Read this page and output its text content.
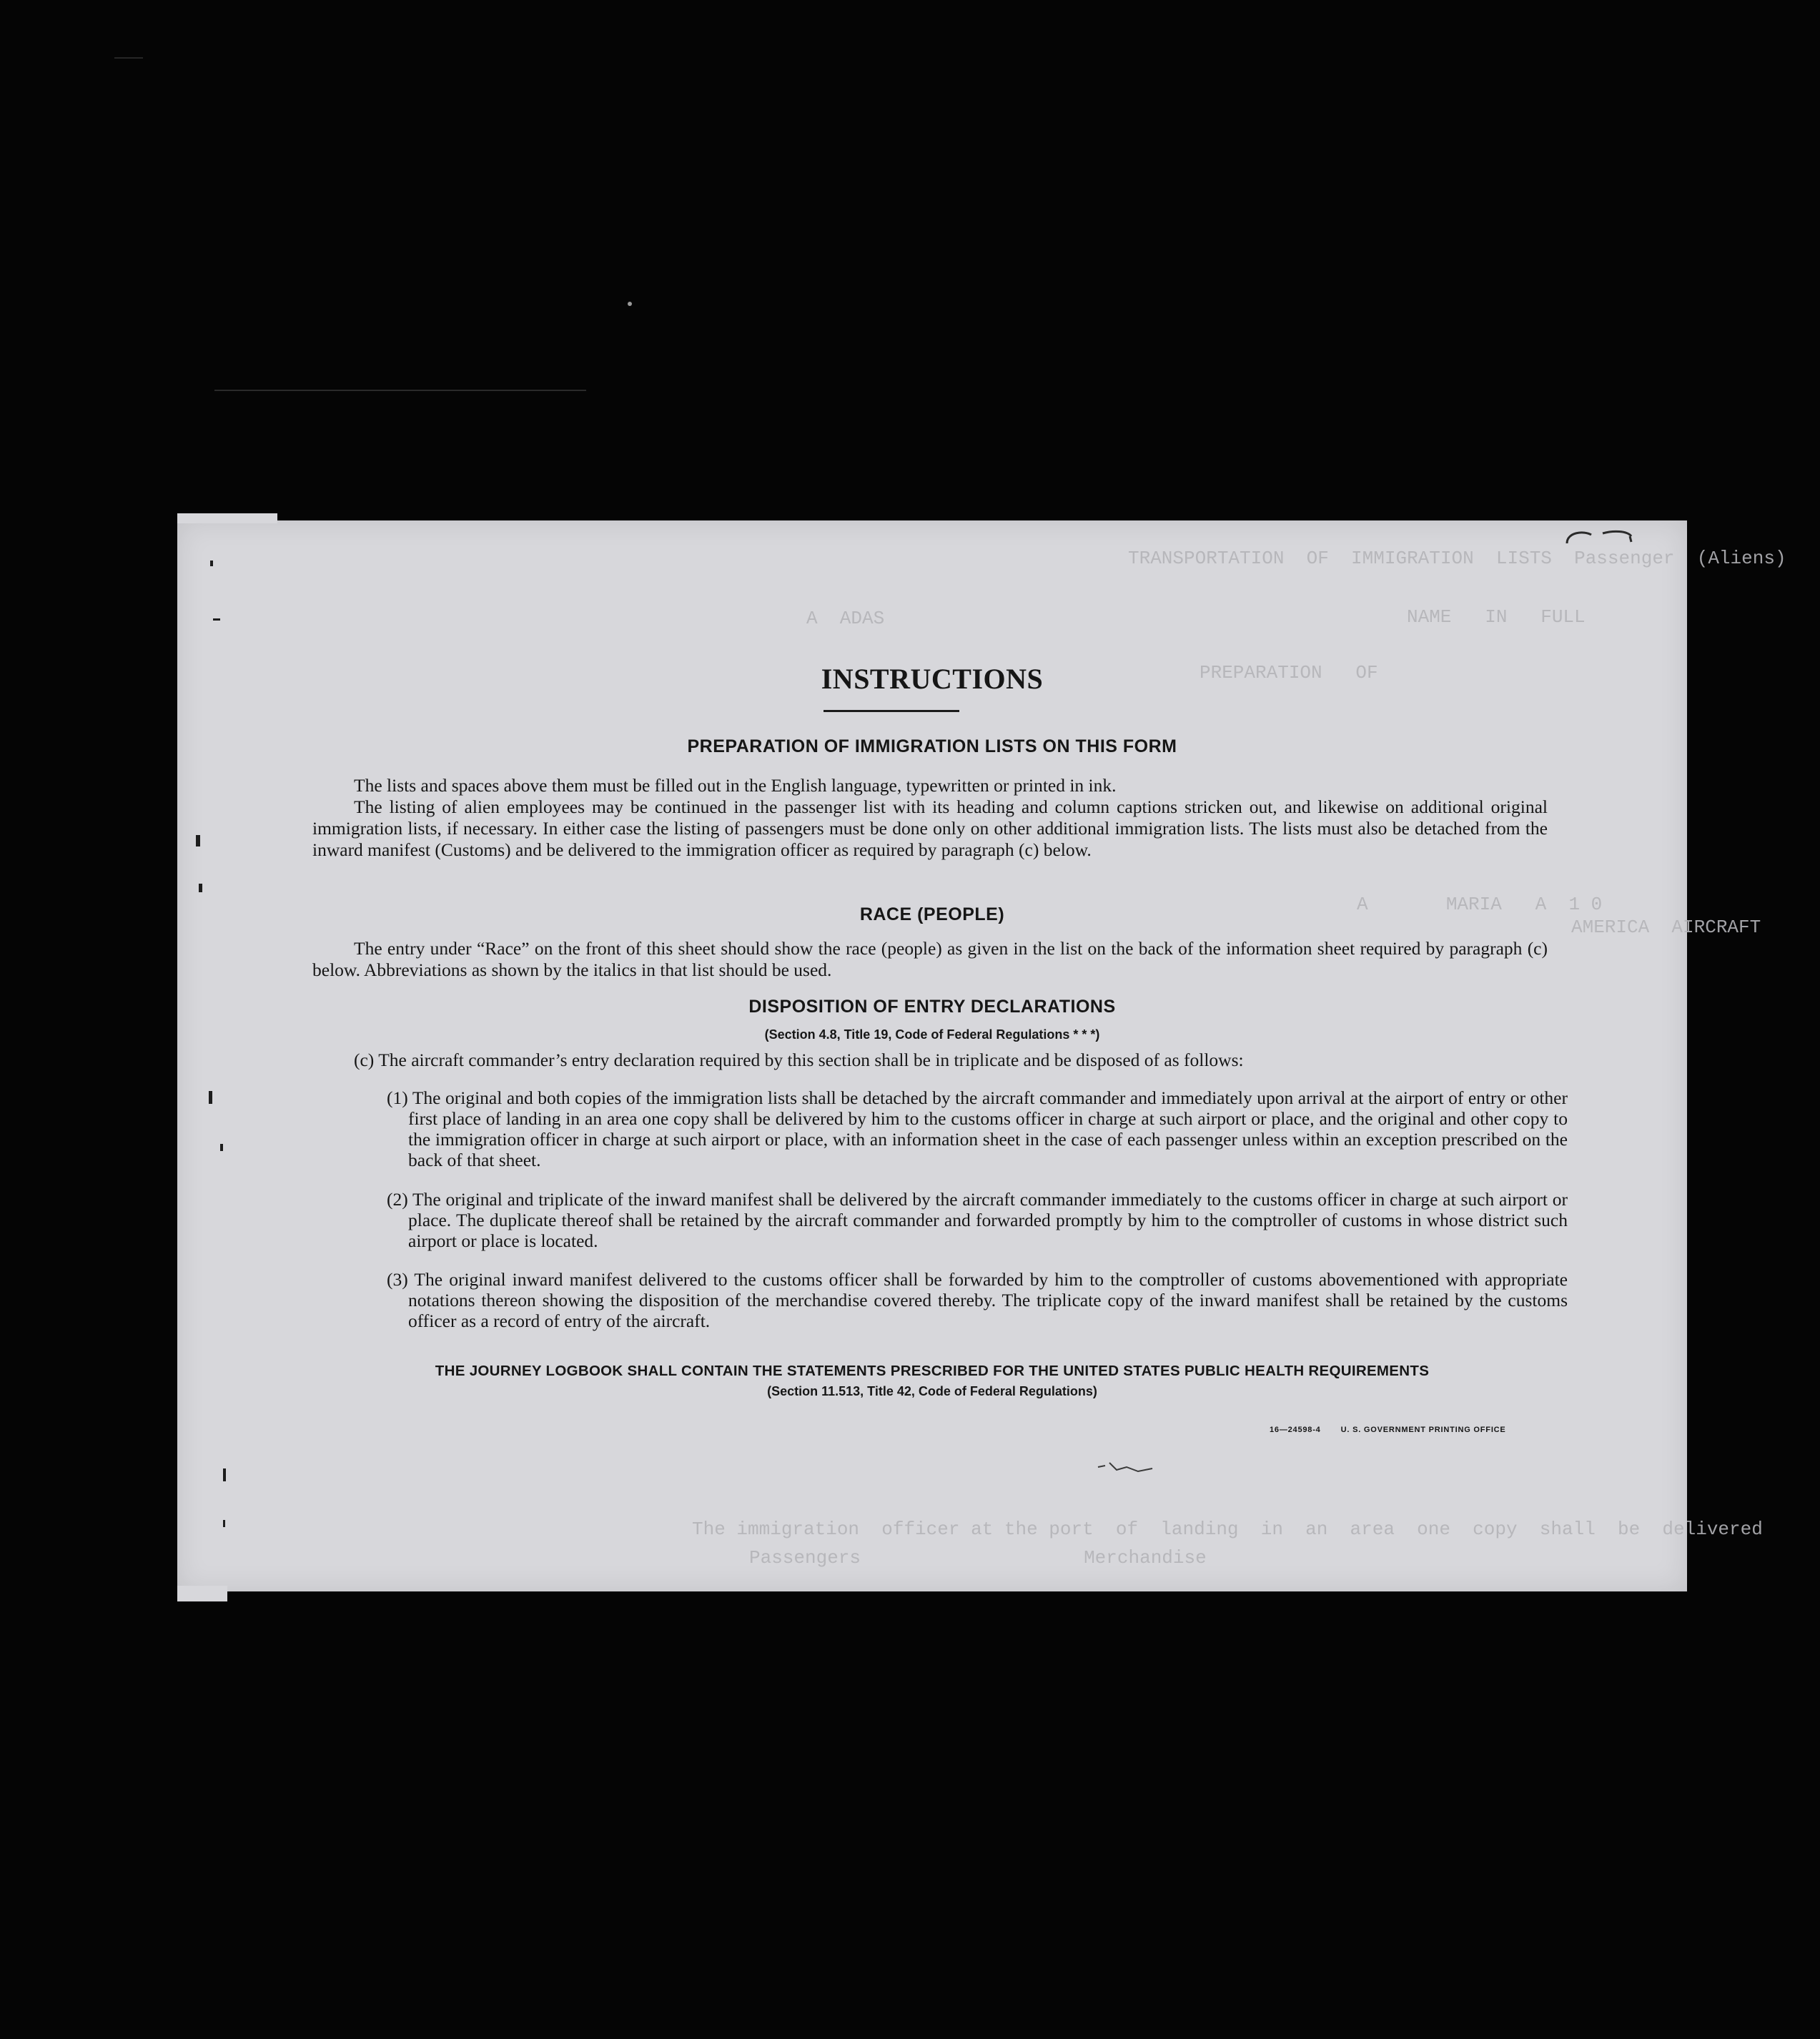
TRANSPORTATION  OF  IMMIGRATION  LISTS  Passenger  (Aliens)
NAME   IN   FULL
A  ADAS
PREPARATION   OF
A       MARIA   A  1 0
AMERICA  AIRCRAFT
The immigration  officer at the port  of  landing  in  an  area  one  copy  shall  be  delivered
Passengers                    Merchandise
INSTRUCTIONS
PREPARATION OF IMMIGRATION LISTS ON THIS FORM
The lists and spaces above them must be filled out in the English language, typewritten or printed in ink.
The listing of alien employees may be continued in the passenger list with its heading and column captions stricken out, and likewise on additional original immigration lists, if necessary. In either case the listing of passengers must be done only on other additional immigration lists. The lists must also be detached from the inward manifest (Customs) and be delivered to the immigration officer as required by paragraph (c) below.
RACE (PEOPLE)
The entry under “Race” on the front of this sheet should show the race (people) as given in the list on the back of the information sheet required by paragraph (c) below. Abbreviations as shown by the italics in that list should be used.
DISPOSITION OF ENTRY DECLARATIONS
(Section 4.8, Title 19, Code of Federal Regulations * * *)
(c) The aircraft commander’s entry declaration required by this section shall be in triplicate and be disposed of as follows:
(1) The original and both copies of the immigration lists shall be detached by the aircraft commander and immediately upon arrival at the airport of entry or other first place of landing in an area one copy shall be delivered by him to the customs officer in charge at such airport or place, and the original and other copy to the immigration officer in charge at such airport or place, with an information sheet in the case of each passenger unless within an exception prescribed on the back of that sheet.
(2) The original and triplicate of the inward manifest shall be delivered by the aircraft commander immediately to the customs officer in charge at such airport or place. The duplicate thereof shall be retained by the aircraft commander and forwarded promptly by him to the comptroller of customs in whose district such airport or place is located.
(3) The original inward manifest delivered to the customs officer shall be forwarded by him to the comptroller of customs abovementioned with appropriate notations thereon showing the disposition of the merchandise covered thereby. The triplicate copy of the inward manifest shall be retained by the customs officer as a record of entry of the aircraft.
THE JOURNEY LOGBOOK SHALL CONTAIN THE STATEMENTS PRESCRIBED FOR THE UNITED STATES PUBLIC HEALTH REQUIREMENTS
(Section 11.513, Title 42, Code of Federal Regulations)
16—24598-4	U. S. GOVERNMENT PRINTING OFFICE
